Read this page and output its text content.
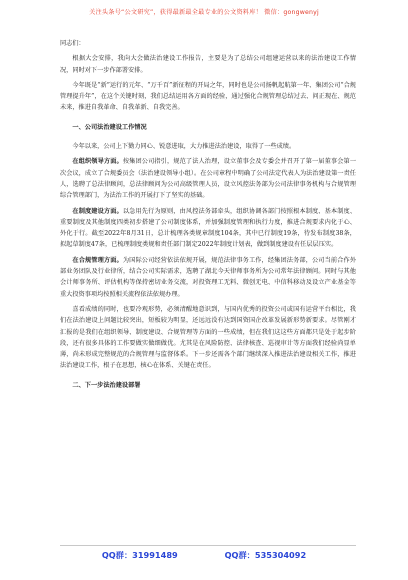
关注头条号“公文研究”，获得最新最全最专业的公文资料库！ 微信：gongwenyj

同志们：

根据大会安排，我向大会做法治建设工作报告，主要是为了总结公司组建运营以来的法治建设工作情况，同时对下一步作部署安排。

今年既是“新”运行的元年、“万千百”新征程的开局之年，同时也是公司扬帆起航第一年、集团公司“合规管理提升年”，在这个关键时刻，我们总结运用各方面的经验，通过强化合规管理总结过去、问正现在、规范未来，推进自我革命、自我革新、自我完善。

一、公司法治建设工作情况

今年以来，公司上下勠力同心、锐意进取，大力推进法治建设，取得了一些成绩。

在组织领导方面。按集团公司指引，规范了法人治理，设立董事会及专委会并召开了第一届董事会第一次会议，成立了合规委员会（法治建设领导小组）。在公司章程中明确了公司法定代表人为法治建设第一责任人，选聘了总法律顾问，总法律顾问为公司高级管理人员，设立风控法务部为公司法律事务机构与合规管理综合管理部门，为法治工作的开展打下了坚实的基础。

在制度建设方面。以急用先行为原则，由风控法务部牵头，组织协调各部门按照根本制度、基本制度、重要制度及其他制度四类初步搭建了公司制度体系，并加强制度管理和执行力度，推进合规要求内化于心、外化于行。截至2022年8月31日，总计梳理各类规章制度104条，其中已行制度19条，待发布制度38条，拟起草制度47条，已梳理制度类规和责任部门制定2022年制度计划表，做到制度建设有任层层压实。

在合规管理方面。为国际公司经营依法依规开展，规范法律事务工作，经集团法务部，公司当前合作外部业务团队及行业律所，结合公司实际需求，选聘了湖北今天律师事务所为公司常年法律顾问。同时与其他会计师事务所、评估机构等保持密切业务交流，对投资理工无料、微创无电、中信科移动及设立产业基金等重大投资事项均按照相关流程依法依规办理。

喜看成绩的同时，也要冷观形势，必须清醒地意识到，与国内优秀的投资公司或国有运营平台相比，我们在法治建设上问题比较突出，短板较为明显，还远远没有达到国资国企改革发展新形势新要求。尽管刚才汇报的是我们在组织领导、制度建设、合规管理等方面的一些成绩，但在我们这这些方面都只是处于起步阶段，还有很多具体的工作要做实做细做优。尤其是在风险防控、法律核查、巡视审计等方面我们经验尚显单薄，尚未形成完整规范的合规管理与监督体系。下一步还需各个部门继续深入推进法治建设相关工作，推进法治建设工作，根子在思想，核心在体系、关键在责任。

二、下一步法治建设部署

QQ群：31991489	QQ群：535304092
